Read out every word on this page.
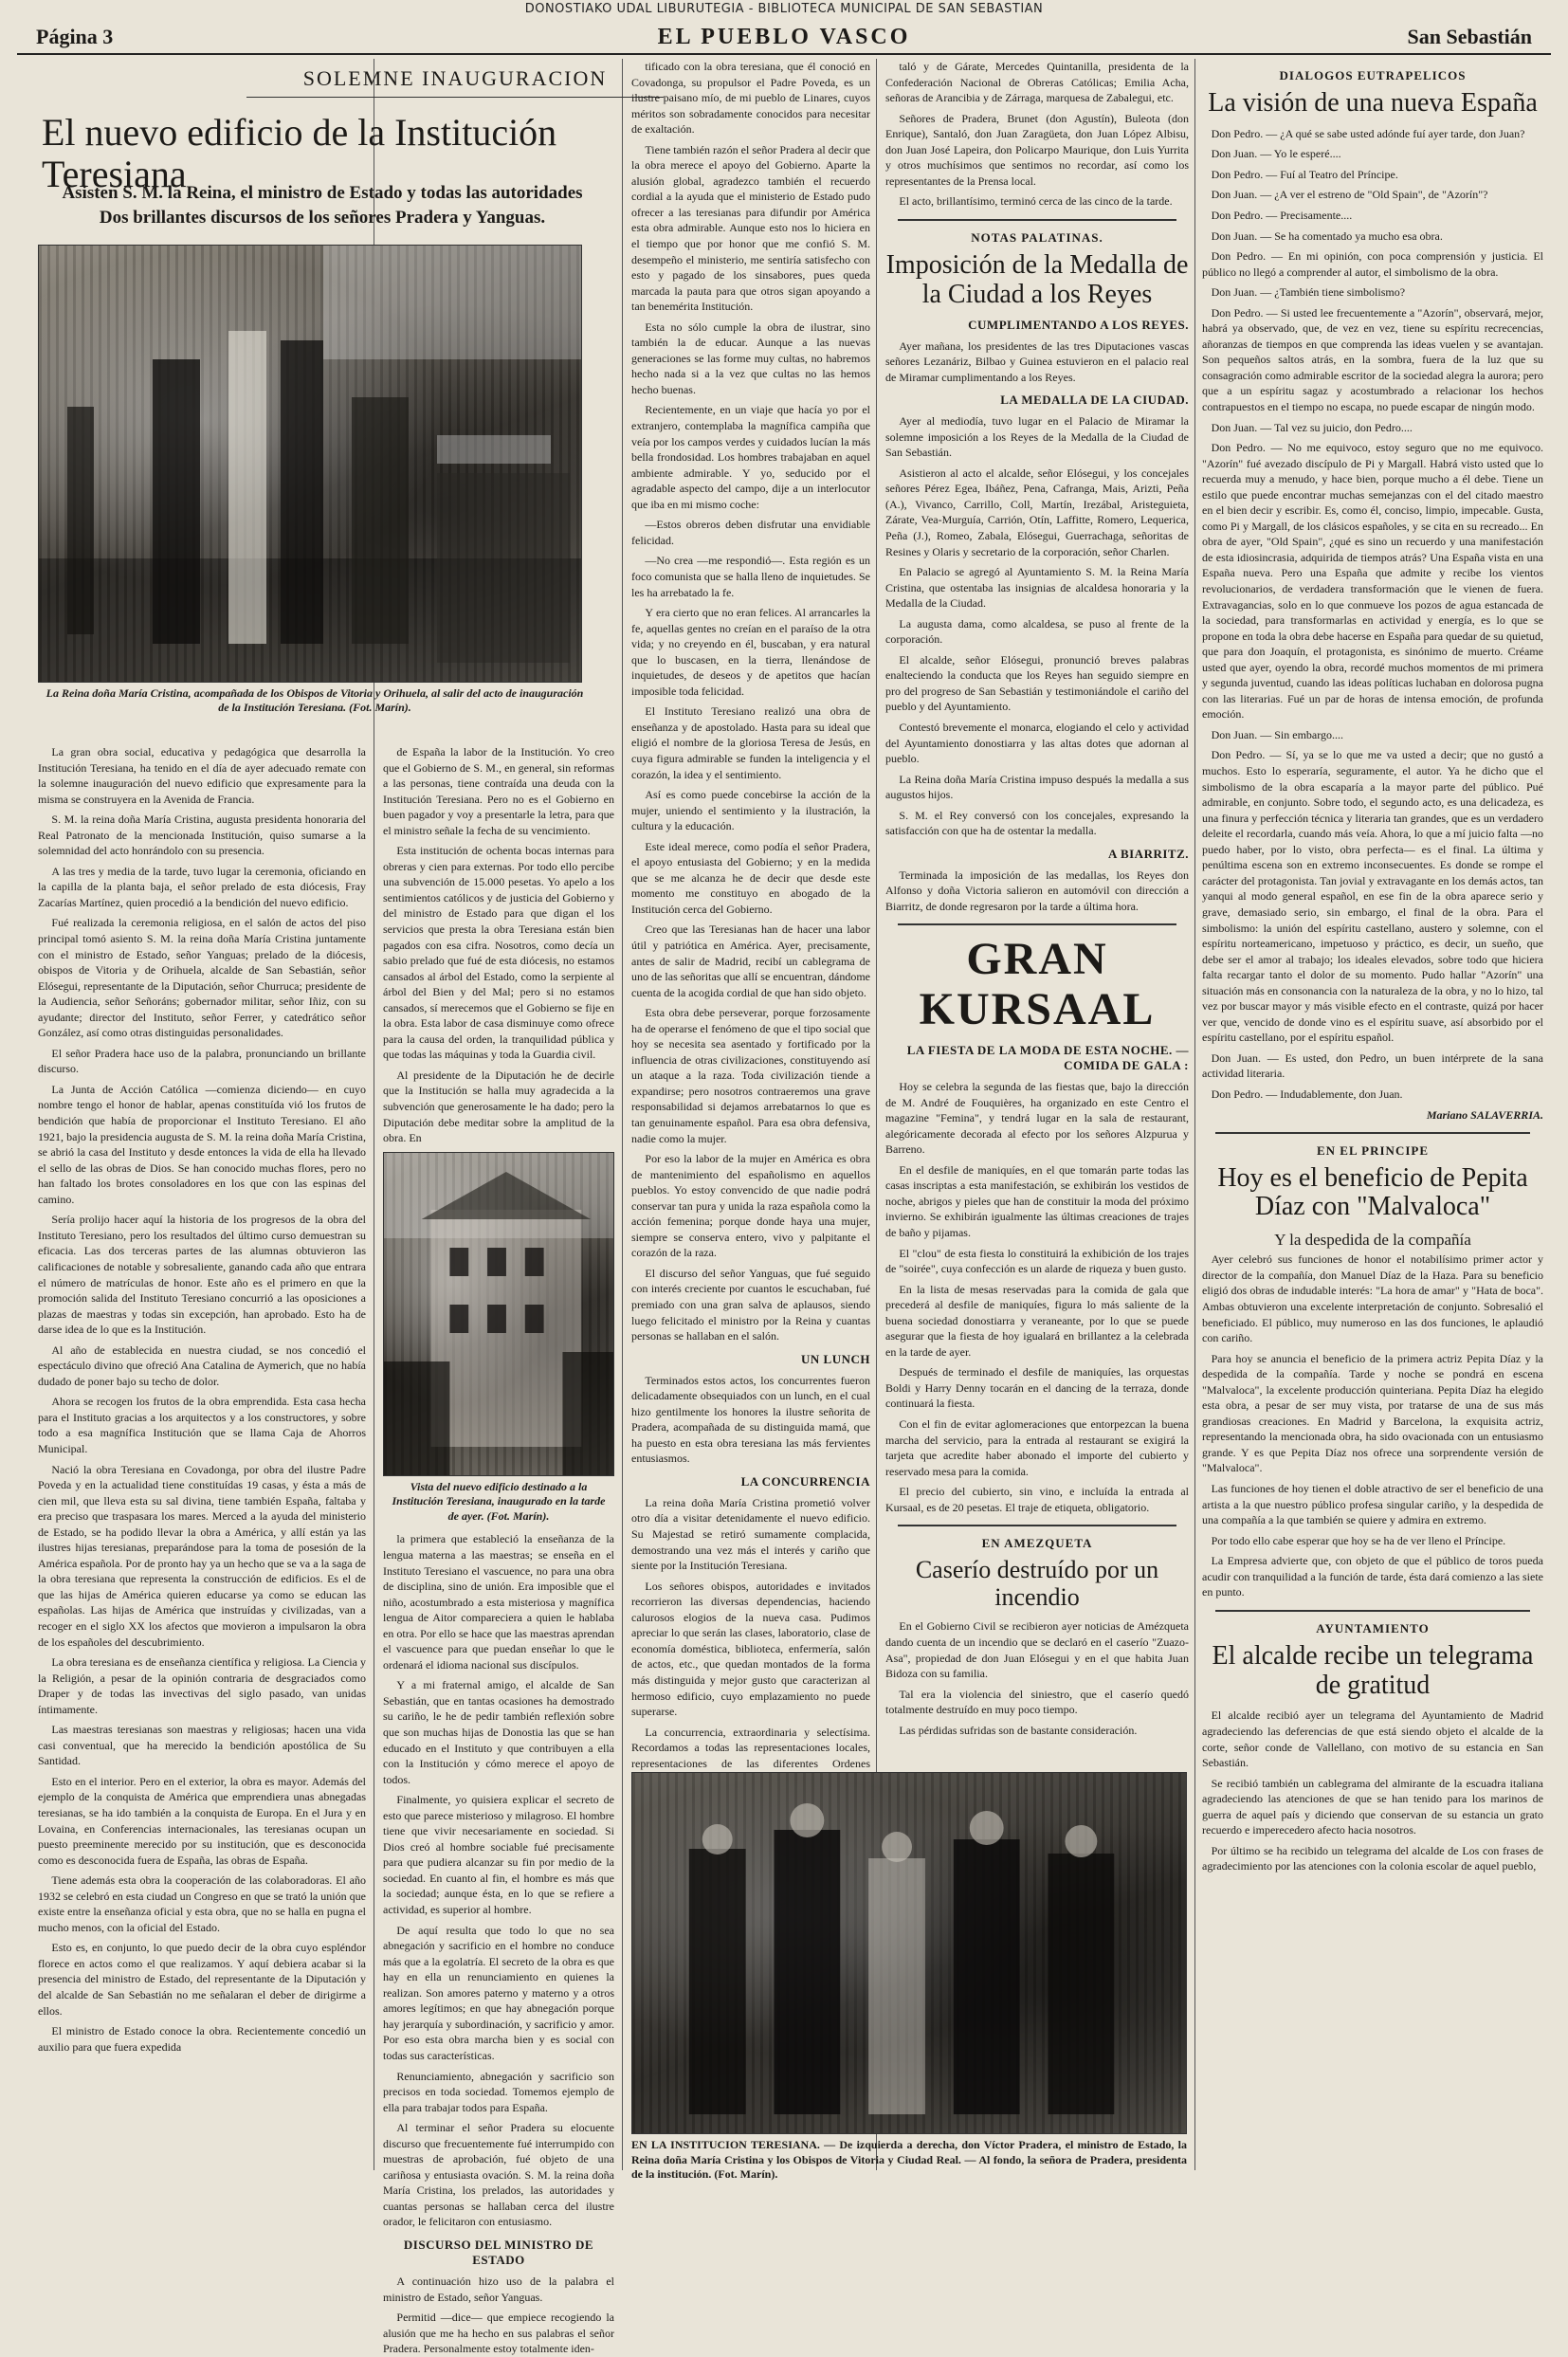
DONOSTIAKO UDAL LIBURUTEGIA - BIBLIOTECA MUNICIPAL DE SAN SEBASTIAN
Página 3	EL PUEBLO VASCO	San Sebastián
SOLEMNE INAUGURACION
El nuevo edificio de la Institución Teresiana
Asisten S. M. la Reina, el ministro de Estado y todas las autoridades
Dos brillantes discursos de los señores Pradera y Yanguas.
La Reina doña María Cristina, acompañada de los Obispos de Vitoria y Orihuela, al salir del acto de inauguración de la Institución Teresiana. (Fot. Marín).

La gran obra social, educativa y pedagógica que desarrolla la Institución Teresiana, ha tenido en el día de ayer adecuado remate con la solemne inauguración del nuevo edificio que expresamente para la misma se construyera en la Avenida de Francia.

S. M. la reina doña María Cristina, augusta presidenta honoraria del Real Patronato de la mencionada Institución, quiso sumarse a la solemnidad del acto honrándolo con su presencia.

A las tres y media de la tarde, tuvo lugar la ceremonia, oficiando en la capilla de la planta baja, el señor prelado de esta diócesis, Fray Zacarías Martínez, quien procedió a la bendición del nuevo edificio.

Fué realizada la ceremonia religiosa, en el salón de actos del piso principal tomó asiento S. M. la reina doña María Cristina juntamente con el ministro de Estado, señor Yanguas; prelado de la diócesis, obispos de Vitoria y de Orihuela, alcalde de San Sebastián, señor Elósegui, representante de la Diputación, señor Churruca; presidente de la Audiencia, señor Señoráns; gobernador militar, señor Iñiz, con su ayudante; director del Instituto, señor Ferrer, y catedrático señor González, así como otras distinguidas personalidades.

El señor Pradera hace uso de la palabra, pronunciando un brillante discurso.

La Junta de Acción Católica —comienza diciendo— en cuyo nombre tengo el honor de hablar, apenas constituída vió los frutos de bendición que había de proporcionar el Instituto Teresiano. El año 1921, bajo la presidencia augusta de S. M. la reina doña María Cristina, se abrió la casa del Instituto y desde entonces la vida de ella ha llevado el sello de las obras de Dios. Se han conocido muchas flores, pero no han faltado los brotes consoladores en los que con las espinas del camino.

Sería prolijo hacer aquí la historia de los progresos de la obra del Instituto Teresiano, pero los resultados del último curso demuestran su eficacia. Las dos terceras partes de las alumnas obtuvieron las calificaciones de notable y sobresaliente, ganando cada año que entrara el número de matrículas de honor. Este año es el primero en que la promoción salida del Instituto Teresiano concurrió a las oposiciones a plazas de maestras y todas sin excepción, han aprobado. Esto ha de darse idea de lo que es la Institución.

Al año de establecida en nuestra ciudad, se nos concedió el espectáculo divino que ofreció Ana Catalina de Aymerich, que no había dudado de poner bajo su techo de dolor.

Ahora se recogen los frutos de la obra emprendida. Esta casa hecha para el Instituto gracias a los arquitectos y a los constructores, y sobre todo a esa magnífica Institución que se llama Caja de Ahorros Municipal.

Nació la obra Teresiana en Covadonga, por obra del ilustre Padre Poveda y en la actualidad tiene constituídas 19 casas, y ésta a más de cien mil, que lleva esta su sal divina, tiene también España, faltaba y era preciso que traspasara los mares. Merced a la ayuda del ministerio de Estado, se ha podido llevar la obra a América, y allí están ya las ilustres hijas teresianas, preparándose para la toma de posesión de la América española. Por de pronto hay ya un hecho que se va a la saga de la obra teresiana que representa la construcción de edificios. Es el de que las hijas de América quieren educarse ya como se educan las españolas. Las hijas de América que instruídas y civilizadas, van a recoger en el siglo XX los afectos que movieron a impulsaron la obra de los españoles del descubrimiento.

La obra teresiana es de enseñanza científica y religiosa. La Ciencia y la Religión, a pesar de la opinión contraria de desgraciados como Draper y de todas las invectivas del siglo pasado, van unidas íntimamente.

Las maestras teresianas son maestras y religiosas; hacen una vida casi conventual, que ha merecido la bendición apostólica de Su Santidad.

Esto en el interior. Pero en el exterior, la obra es mayor. Además del ejemplo de la conquista de América que emprendiera unas abnegadas teresianas, se ha ido también a la conquista de Europa. En el Jura y en Lovaina, en Conferencias internacionales, las teresianas ocupan un puesto preeminente merecido por su institución, que es desconocida como es desconocida fuera de España, las obras de España.

Tiene además esta obra la cooperación de las colaboradoras. El año 1932 se celebró en esta ciudad un Congreso en que se trató la unión que existe entre la enseñanza oficial y esta obra, que no se halla en pugna el mucho menos, con la oficial del Estado.

Esto es, en conjunto, lo que puedo decir de la obra cuyo espléndor florece en actos como el que realizamos. Y aquí debiera acabar si la presencia del ministro de Estado, del representante de la Diputación y del alcalde de San Sebastián no me señalaran el deber de dirigirme a ellos.

El ministro de Estado conoce la obra. Recientemente concedió un auxilio para que fuera expedida

de España la labor de la Institución. Yo creo que el Gobierno de S. M., en general, sin reformas a las personas, tiene contraída una deuda con la Institución Teresiana. Pero no es el Gobierno en buen pagador y voy a presentarle la letra, para que el ministro señale la fecha de su vencimiento.

Esta institución de ochenta bocas internas para obreras y cien para externas. Por todo ello percibe una subvención de 15.000 pesetas. Yo apelo a los sentimientos católicos y de justicia del Gobierno y del ministro de Estado para que digan el los servicios que presta la obra Teresiana están bien pagados con esa cifra. Nosotros, como decía un sabio prelado que fué de esta diócesis, no estamos cansados al árbol del Estado, como la serpiente al árbol del Bien y del Mal; pero si no estamos cansados, sí merecemos que el Gobierno se fije en la obra. Esta labor de casa disminuye como ofrece para la causa del orden, la tranquilidad pública y que todas las máquinas y toda la Guardia civil.

Al presidente de la Diputación he de decirle que la Institución se halla muy agradecida a la subvención que generosamente le ha dado; pero la Diputación debe meditar sobre la amplitud de la obra. En

Vista del nuevo edificio destinado a la Institución Teresiana, inaugurado en la tarde de ayer. (Fot. Marín).

la primera que estableció la enseñanza de la lengua materna a las maestras; se enseña en el Instituto Teresiano el vascuence, no para una obra de disciplina, sino de unión. Era imposible que el niño, acostumbrado a esta misteriosa y magnífica lengua de Aitor compareciera a quien le hablaba en otra. Por ello se hace que las maestras aprendan el vascuence para que puedan enseñar lo que le ordenará el idioma nacional sus discípulos.

Y a mi fraternal amigo, el alcalde de San Sebastián, que en tantas ocasiones ha demostrado su cariño, le he de pedir también reflexión sobre que son muchas hijas de Donostia las que se han educado en el Instituto y que contribuyen a ella con la Institución y cómo merece el apoyo de todos.

Finalmente, yo quisiera explicar el secreto de esto que parece misterioso y milagroso. El hombre tiene que vivir necesariamente en sociedad. Si Dios creó al hombre sociable fué precisamente para que pudiera alcanzar su fin por medio de la sociedad. En cuanto al fin, el hombre es más que la sociedad; aunque ésta, en lo que se refiere a actividad, es superior al hombre.

De aquí resulta que todo lo que no sea abnegación y sacrificio en el hombre no conduce más que a la egolatría. El secreto de la obra es que hay en ella un renunciamiento en quienes la realizan. Son amores paterno y materno y a otros amores legítimos; en que hay abnegación porque hay jerarquía y subordinación, y sacrificio y amor. Por eso esta obra marcha bien y es social con todas sus características.

Renunciamiento, abnegación y sacrificio son precisos en toda sociedad. Tomemos ejemplo de ella para trabajar todos para España.

Al terminar el señor Pradera su elocuente discurso que frecuentemente fué interrumpido con muestras de aprobación, fué objeto de una cariñosa y entusiasta ovación. S. M. la reina doña María Cristina, los prelados, las autoridades y cuantas personas se hallaban cerca del ilustre orador, le felicitaron con entusiasmo.

DISCURSO DEL MINISTRO DE ESTADO

A continuación hizo uso de la palabra el ministro de Estado, señor Yanguas.

Permitid —dice— que empiece recogiendo la alusión que me ha hecho en sus palabras el señor Pradera. Personalmente estoy totalmente iden-

tificado con la obra teresiana, que él conoció en Covadonga, su propulsor el Padre Poveda, es un ilustre paisano mío, de mi pueblo de Linares, cuyos méritos son sobradamente conocidos para necesitar de exaltación.

Tiene también razón el señor Pradera al decir que la obra merece el apoyo del Gobierno. Aparte la alusión global, agradezco también el recuerdo cordial a la ayuda que el ministerio de Estado pudo ofrecer a las teresianas para difundir por América esta obra admirable. Aunque esto nos lo hiciera en el tiempo que por honor que me confió S. M. desempeño el ministerio, me sentiría satisfecho con esto y pagado de los sinsabores, pues queda marcada la pauta para que otros sigan apoyando a tan benemérita Institución.

Esta no sólo cumple la obra de ilustrar, sino también la de educar. Aunque a las nuevas generaciones se las forme muy cultas, no habremos hecho nada si a la vez que cultas no las hemos hecho buenas.

Recientemente, en un viaje que hacía yo por el extranjero, contemplaba la magnífica campiña que veía por los campos verdes y cuidados lucían la más bella frondosidad. Los hombres trabajaban en aquel ambiente admirable. Y yo, seducido por el agradable aspecto del campo, dije a un interlocutor que iba en mi mismo coche:

—Estos obreros deben disfrutar una envidiable felicidad.

—No crea —me respondió—. Esta región es un foco comunista que se halla lleno de inquietudes. Se les ha arrebatado la fe.

Y era cierto que no eran felices. Al arrancarles la fe, aquellas gentes no creían en el paraíso de la otra vida; y no creyendo en él, buscaban, y era natural que lo buscasen, en la tierra, llenándose de inquietudes, de deseos y de apetitos que hacían imposible toda felicidad.

El Instituto Teresiano realizó una obra de enseñanza y de apostolado. Hasta para su ideal que eligió el nombre de la gloriosa Teresa de Jesús, en cuya figura admirable se funden la inteligencia y el corazón, la idea y el sentimiento.

Así es como puede concebirse la acción de la mujer, uniendo el sentimiento y la ilustración, la cultura y la educación.

Este ideal merece, como podía el señor Pradera, el apoyo entusiasta del Gobierno; y en la medida que se me alcanza he de decir que desde este momento me constituyo en abogado de la Institución cerca del Gobierno.

Creo que las Teresianas han de hacer una labor útil y patriótica en América. Ayer, precisamente, antes de salir de Madrid, recibí un cablegrama de uno de las señoritas que allí se encuentran, dándome cuenta de la acogida cordial de que han sido objeto.

Esta obra debe perseverar, porque forzosamente ha de operarse el fenómeno de que el tipo social que hoy se necesita sea asentado y fortificado por la influencia de otras civilizaciones, constituyendo así un ataque a la raza. Toda civilización tiende a expandirse; pero nosotros contraeremos una grave responsabilidad si dejamos arrebatarnos lo que es tan genuinamente español. Para esa obra defensiva, nadie como la mujer.

Por eso la labor de la mujer en América es obra de mantenimiento del españolismo en aquellos pueblos. Yo estoy convencido de que nadie podrá conservar tan pura y unida la raza española como la acción femenina; porque donde haya una mujer, siempre se conserva entero, vivo y palpitante el corazón de la raza.

El discurso del señor Yanguas, que fué seguido con interés creciente por cuantos le escuchaban, fué premiado con una gran salva de aplausos, siendo luego felicitado el ministro por la Reina y cuantas personas se hallaban en el salón.

UN LUNCH

Terminados estos actos, los concurrentes fueron delicadamente obsequiados con un lunch, en el cual hizo gentilmente los honores la ilustre señorita de Pradera, acompañada de su distinguida mamá, que ha puesto en esta obra teresiana las más fervientes entusiasmos.

LA CONCURRENCIA

La reina doña María Cristina prometió volver otro día a visitar detenidamente el nuevo edificio. Su Majestad se retiró sumamente complacida, demostrando una vez más el interés y cariño que siente por la Institución Teresiana.

Los señores obispos, autoridades e invitados recorrieron las diversas dependencias, haciendo calurosos elogios de la nueva casa. Pudimos apreciar lo que serán las clases, laboratorio, clase de economía doméstica, biblioteca, enfermería, salón de actos, etc., que quedan montados de la forma más distinguida y mejor gusto que caracterizan al hermoso edificio, cuyo emplazamiento no puede superarse.

La concurrencia, extraordinaria y selectísima. Recordamos a todas las representaciones locales, representaciones de las diferentes Ordenes

taló y de Gárate, Mercedes Quintanilla, presidenta de la Confederación Nacional de Obreras Católicas; Emilia Acha, señoras de Arancibia y de Zárraga, marquesa de Zabalegui, etc.

Señores de Pradera, Brunet (don Agustín), Buleota (don Enrique), Santaló, don Juan Zaragüeta, don Juan López Albisu, don Juan José Lapeira, don Policarpo Maurique, don Luis Yurrita y otros muchísimos que sentimos no recordar, así como los representantes de la Prensa local.

El acto, brillantísimo, terminó cerca de las cinco de la tarde.

NOTAS PALATINAS.
Imposición de la Medalla de la Ciudad a los Reyes
CUMPLIMENTANDO A LOS REYES.

Ayer mañana, los presidentes de las tres Diputaciones vascas señores Lezanáriz, Bilbao y Guinea estuvieron en el palacio real de Miramar cumplimentando a los Reyes.

LA MEDALLA DE LA CIUDAD.

Ayer al mediodía, tuvo lugar en el Palacio de Miramar la solemne imposición a los Reyes de la Medalla de la Ciudad de San Sebastián.

Asistieron al acto el alcalde, señor Elósegui, y los concejales señores Pérez Egea, Ibáñez, Pena, Cafranga, Mais, Arizti, Peña (A.), Vivanco, Carrillo, Coll, Martín, Irezábal, Aristeguieta, Zárate, Vea-Murguía, Carrión, Otín, Laffitte, Romero, Lequerica, Peña (J.), Romeo, Zabala, Elósegui, Guerrachaga, señoritas de Resines y Olaris y secretario de la corporación, señor Charlen.

En Palacio se agregó al Ayuntamiento S. M. la Reina María Cristina, que ostentaba las insignias de alcaldesa honoraria y la Medalla de la Ciudad.

La augusta dama, como alcaldesa, se puso al frente de la corporación.

El alcalde, señor Elósegui, pronunció breves palabras enalteciendo la conducta que los Reyes han seguido siempre en pro del progreso de San Sebastián y testimoniándole el cariño del pueblo y del Ayuntamiento.

Contestó brevemente el monarca, elogiando el celo y actividad del Ayuntamiento donostiarra y las altas dotes que adornan al pueblo.

La Reina doña María Cristina impuso después la medalla a sus augustos hijos.

S. M. el Rey conversó con los concejales, expresando la satisfacción con que ha de ostentar la medalla.

A BIARRITZ.

Terminada la imposición de las medallas, los Reyes don Alfonso y doña Victoria salieron en automóvil con dirección a Biarritz, de donde regresaron por la tarde a última hora.

GRAN KURSAAL
LA FIESTA DE LA MODA DE ESTA NOCHE. — COMIDA DE GALA :

Hoy se celebra la segunda de las fiestas que, bajo la dirección de M. André de Fouquières, ha organizado en este Centro el magazine "Femina", y tendrá lugar en la sala de restaurant, alegóricamente decorada al efecto por los señores Alzpurua y Barreno.

En el desfile de maniquíes, en el que tomarán parte todas las casas inscriptas a esta manifestación, se exhibirán los vestidos de noche, abrigos y pieles que han de constituir la moda del próximo invierno. Se exhibirán igualmente las últimas creaciones de trajes de baño y pijamas.

El "clou" de esta fiesta lo constituirá la exhibición de los trajes de "soirée", cuya confección es un alarde de riqueza y buen gusto.

En la lista de mesas reservadas para la comida de gala que precederá al desfile de maniquíes, figura lo más saliente de la buena sociedad donostiarra y veraneante, por lo que se puede asegurar que la fiesta de hoy igualará en brillantez a la celebrada en la tarde de ayer.

Después de terminado el desfile de maniquíes, las orquestas Boldi y Harry Denny tocarán en el dancing de la terraza, donde continuará la fiesta.

Con el fin de evitar aglomeraciones que entorpezcan la buena marcha del servicio, para la entrada al restaurant se exigirá la tarjeta que acredite haber abonado el importe del cubierto y reservado mesa para la comida.

El precio del cubierto, sin vino, e incluída la entrada al Kursaal, es de 20 pesetas. El traje de etiqueta, obligatorio.

EN AMEZQUETA
Caserío destruído por un incendio

En el Gobierno Civil se recibieron ayer noticias de Amézqueta dando cuenta de un incendio que se declaró en el caserío "Zuazo-Asa", propiedad de don Juan Elósegui y en el que habita Juan Bidoza con su familia.

Tal era la violencia del siniestro, que el caserío quedó totalmente destruído en muy poco tiempo.

Las pérdidas sufridas son de bastante consideración.

EN LA INSTITUCION TERESIANA. — De izquierda a derecha, don Víctor Pradera, el ministro de Estado, la Reina doña María Cristina y los Obispos de Vitoria y Ciudad Real. — Al fondo, la señora de Pradera, presidenta de la institución. (Fot. Marín).
DIALOGOS EUTRAPELICOS
La visión de una nueva España

Don Pedro. — ¿A qué se sabe usted adónde fuí ayer tarde, don Juan?

Don Juan. — Yo le esperé....

Don Pedro. — Fuí al Teatro del Príncipe.

Don Juan. — ¿A ver el estreno de "Old Spain", de "Azorín"?

Don Pedro. — Precisamente....

Don Juan. — Se ha comentado ya mucho esa obra.

Don Pedro. — En mi opinión, con poca comprensión y justicia. El público no llegó a comprender al autor, el simbolismo de la obra.

Don Juan. — ¿También tiene simbolismo?

Don Pedro. — Si usted lee frecuentemente a "Azorín", observará, mejor, habrá ya observado, que, de vez en vez, tiene su espíritu recrecencias, añoranzas de tiempos en que comprenda las ideas vuelen y se avantajan. Son pequeños saltos atrás, en la sombra, fuera de la luz que su consagración como admirable escritor de la sociedad alegra la aurora; pero que a un espíritu sagaz y acostumbrado a relacionar los hechos contrapuestos en el tiempo no escapa, no puede escapar de ningún modo.

Don Juan. — Tal vez su juicio, don Pedro....

Don Pedro. — No me equivoco, estoy seguro que no me equivoco. "Azorín" fué avezado discípulo de Pi y Margall. Habrá visto usted que lo recuerda muy a menudo, y hace bien, porque mucho a él debe. Tiene un estilo que puede encontrar muchas semejanzas con el del citado maestro en el bien decir y escribir. Es, como él, conciso, limpio, impecable. Gusta, como Pi y Margall, de los clásicos españoles, y se cita en su recreado... En obra de ayer, "Old Spain", ¿qué es sino un recuerdo y una manifestación de esta idiosincrasia, adquirida de tiempos atrás? Una España vista en una España nueva. Pero una España que admite y recibe los vientos revolucionarios, de verdadera transformación que le vienen de fuera. Extravagancias, solo en lo que conmueve los pozos de agua estancada de la sociedad, para transformarlas en actividad y energía, es lo que se propone en toda la obra debe hacerse en España para quedar de su quietud, que para don Joaquín, el protagonista, es sinónimo de muerto. Créame usted que ayer, oyendo la obra, recordé muchos momentos de mi primera y segunda juventud, cuando las ideas políticas luchaban en dolorosa pugna con las literarias. Fué un par de horas de intensa emoción, de profunda emoción.

Don Juan. — Sin embargo....

Don Pedro. — Sí, ya se lo que me va usted a decir; que no gustó a muchos. Esto lo esperaría, seguramente, el autor. Ya he dicho que el simbolismo de la obra escaparía a la mayor parte del público. Pué admirable, en conjunto. Sobre todo, el segundo acto, es una delicadeza, es una finura y perfección técnica y literaria tan grandes, que es un verdadero deleite el recordarla, cuando más veía. Ahora, lo que a mí juicio falta —no puedo haber, por lo visto, obra perfecta— es el final. La última y penúltima escena son en extremo inconsecuentes. Es donde se rompe el carácter del protagonista. Tan jovial y extravagante en los demás actos, tan yanqui al modo general español, en ese fin de la obra aparece serio y grave, demasiado serio, sin embargo, el final de la obra. Para el simbolismo: la unión del espíritu castellano, austero y solemne, con el espíritu norteamericano, impetuoso y práctico, es decir, un sueño, que debe ser el amor al trabajo; los ideales elevados, sobre todo que hiciera falta recargar tanto el dolor de su momento. Pudo hallar "Azorín" una situación más en consonancia con la naturaleza de la obra, y no lo hizo, tal vez por buscar mayor y más visible efecto en el contraste, quizá por hacer ver que, vencido de donde vino es el espíritu suave, así absorbido por el espíritu castellano, por el espíritu español.

Don Juan. — Es usted, don Pedro, un buen intérprete de la sana actividad literaria.

Don Pedro. — Indudablemente, don Juan.

Mariano SALAVERRIA.
EN EL PRINCIPE
Hoy es el beneficio de Pepita Díaz con "Malvaloca"
Y la despedida de la compañía

Ayer celebró sus funciones de honor el notabilísimo primer actor y director de la compañía, don Manuel Díaz de la Haza. Para su beneficio eligió dos obras de indudable interés: "La hora de amar" y "Hata de boca". Ambas obtuvieron una excelente interpretación de conjunto. Sobresalió el beneficiado. El público, muy numeroso en las dos funciones, le aplaudió con cariño.

Para hoy se anuncia el beneficio de la primera actriz Pepita Díaz y la despedida de la compañía. Tarde y noche se pondrá en escena "Malvaloca", la excelente producción quinteriana. Pepita Díaz ha elegido esta obra, a pesar de ser muy vista, por tratarse de una de sus más grandiosas creaciones. En Madrid y Barcelona, la exquisita actriz, representando la mencionada obra, ha sido ovacionada con un entusiasmo grande. Y es que Pepita Díaz nos ofrece una sorprendente versión de "Malvaloca".

Las funciones de hoy tienen el doble atractivo de ser el beneficio de una artista a la que nuestro público profesa singular cariño, y la despedida de una compañía a la que también se quiere y admira en extremo.

Por todo ello cabe esperar que hoy se ha de ver lleno el Príncipe.

La Empresa advierte que, con objeto de que el público de toros pueda acudir con tranquilidad a la función de tarde, ésta dará comienzo a las siete en punto.

AYUNTAMIENTO
El alcalde recibe un telegrama de gratitud

El alcalde recibió ayer un telegrama del Ayuntamiento de Madrid agradeciendo las deferencias de que está siendo objeto el alcalde de la corte, señor conde de Vallellano, con motivo de su estancia en San Sebastián.

Se recibió también un cablegrama del almirante de la escuadra italiana agradeciendo las atenciones de que se han tenido para los marinos de guerra de aquel país y diciendo que conservan de su estancia un grato recuerdo e imperecedero afecto hacia nosotros.

Por último se ha recibido un telegrama del alcalde de Los con frases de agradecimiento por las atenciones con la colonia escolar de aquel pueblo,
